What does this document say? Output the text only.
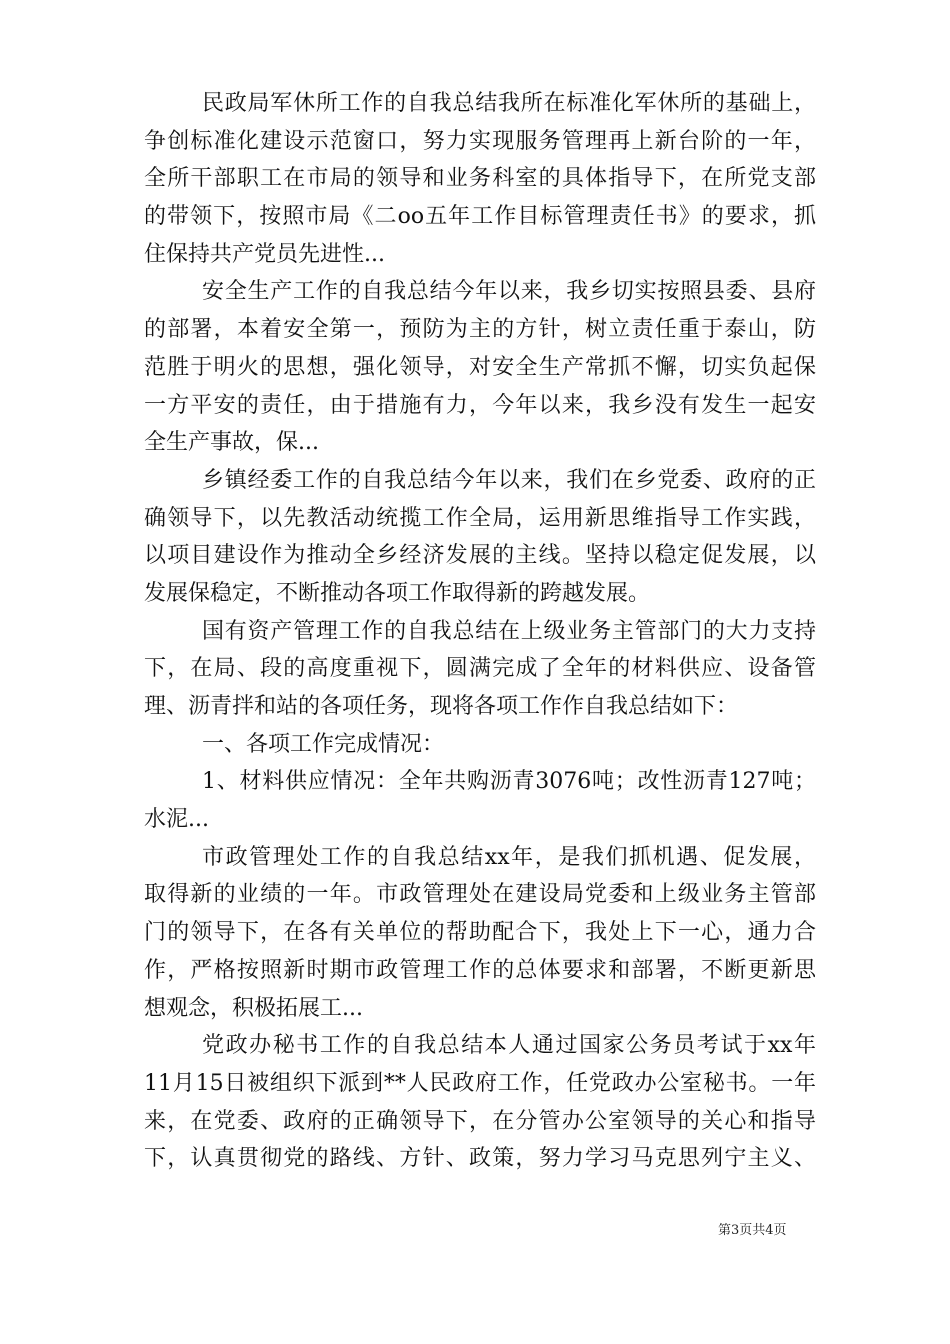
民政局军休所工作的自我总结我所在标准化军休所的基础上，
争创标准化建设示范窗口，努力实现服务管理再上新台阶的一年，
全所干部职工在市局的领导和业务科室的具体指导下，在所党支部
的带领下，按照市局《二oo五年工作目标管理责任书》的要求，抓
住保持共产党员先进性...
安全生产工作的自我总结今年以来，我乡切实按照县委、县府
的部署，本着安全第一，预防为主的方针，树立责任重于泰山，防
范胜于明火的思想，强化领导，对安全生产常抓不懈，切实负起保
一方平安的责任，由于措施有力，今年以来，我乡没有发生一起安
全生产事故，保...
乡镇经委工作的自我总结今年以来，我们在乡党委、政府的正
确领导下，以先教活动统揽工作全局，运用新思维指导工作实践，
以项目建设作为推动全乡经济发展的主线。坚持以稳定促发展，以
发展保稳定，不断推动各项工作取得新的跨越发展。
国有资产管理工作的自我总结在上级业务主管部门的大力支持
下，在局、段的高度重视下，圆满完成了全年的材料供应、设备管
理、沥青拌和站的各项任务，现将各项工作作自我总结如下：
一、各项工作完成情况：
1、材料供应情况：全年共购沥青3076吨；改性沥青127吨；
水泥...
市政管理处工作的自我总结xx年，是我们抓机遇、促发展，
取得新的业绩的一年。市政管理处在建设局党委和上级业务主管部
门的领导下，在各有关单位的帮助配合下，我处上下一心，通力合
作，严格按照新时期市政管理工作的总体要求和部署，不断更新思
想观念，积极拓展工...
党政办秘书工作的自我总结本人通过国家公务员考试于xx年
11月15日被组织下派到**人民政府工作，任党政办公室秘书。一年
来，在党委、政府的正确领导下，在分管办公室领导的关心和指导
下，认真贯彻党的路线、方针、政策，努力学习马克思列宁主义、
第3页共4页
